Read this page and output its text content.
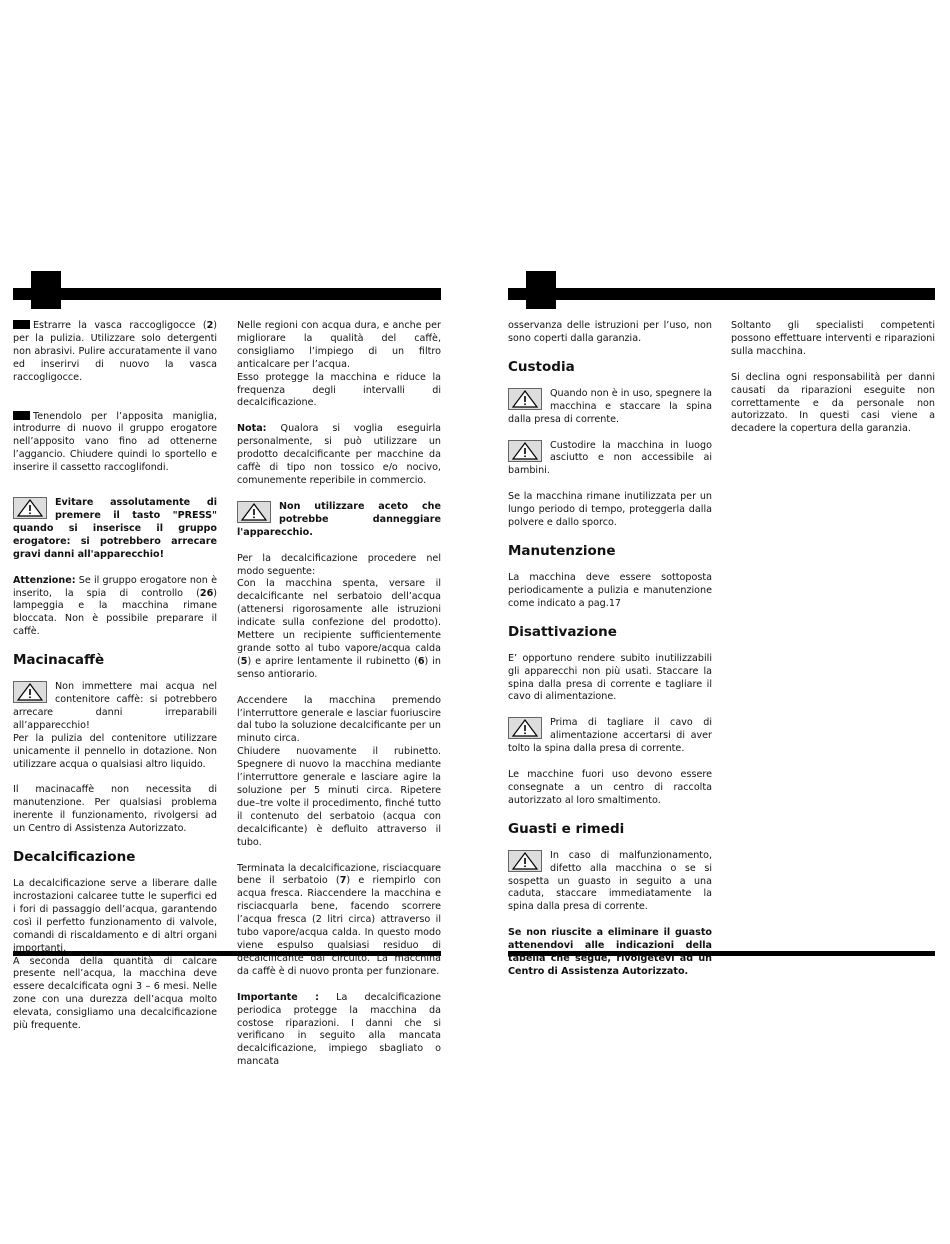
Estrarre la vasca raccogligocce (2) per la pulizia. Utilizzare solo detergenti non abrasivi. Pulire accuratamente il vano ed inserirvi di nuovo la vasca raccogligocce.

Tenendolo per l’apposita maniglia, introdurre di nuovo il gruppo erogatore nell’apposito vano fino ad ottenerne l’aggancio. Chiudere quindi lo sportello e inserire il cassetto raccoglifondi.

Evitare assolutamente di premere il tasto "PRESS" quando si inserisce il gruppo erogatore: si potrebbero arrecare gravi danni all'apparecchio!

Attenzione: Se il gruppo erogatore non è inserito, la spia di controllo (26) lampeggia e la macchina rimane bloccata. Non è possibile preparare il caffè.

Macinacaffè
Non immettere mai acqua nel contenitore caffè: si potrebbero arrecare danni irreparabili all’apparecchio!

Per la pulizia del contenitore utilizzare unicamente il pennello in dotazione. Non utilizzare acqua o qualsiasi altro liquido.

Il macinacaffè non necessita di manutenzione. Per qualsiasi problema inerente il funzionamento, rivolgersi ad un Centro di Assistenza Autorizzato.

Decalcificazione

La decalcificazione serve a liberare dalle incrostazioni calcaree tutte le superfici ed i fori di passaggio dell’acqua, garantendo così il perfetto funzionamento di valvole, comandi di riscaldamento e di altri organi importanti.

A seconda della quantità di calcare presente nell’acqua, la macchina deve essere decalcificata ogni 3 – 6 mesi. Nelle zone con una durezza dell’acqua molto elevata, consigliamo una decalcificazione più frequente.

Nelle regioni con acqua dura, e anche per migliorare la qualità del caffè, consigliamo l’impiego di un filtro anticalcare per l’acqua.

Esso protegge la macchina e riduce la frequenza degli intervalli di decalcificazione.

Nota: Qualora si voglia eseguirla personalmente, si può utilizzare un prodotto decalcificante per macchine da caffè di tipo non tossico e/o nocivo, comunemente reperibile in commercio.

Non utilizzare aceto che potrebbe danneggiare l'apparecchio.

Per la decalcificazione procedere nel modo seguente:

Con la macchina spenta, versare il decalcificante nel serbatoio dell’acqua (attenersi rigorosamente alle istruzioni indicate sulla confezione del prodotto). Mettere un recipiente sufficientemente grande sotto al tubo vapore/acqua calda (5) e aprire lentamente il rubinetto (6) in senso antiorario.

Accendere la macchina premendo l’interruttore generale e lasciar fuoriuscire dal tubo la soluzione decalcificante per un minuto circa.

Chiudere nuovamente il rubinetto. Spegnere di nuovo la macchina mediante l’interruttore generale e lasciare agire la soluzione per 5 minuti circa. Ripetere due–tre volte il procedimento, finché tutto il contenuto del serbatoio (acqua con decalcificante) è defluito attraverso il tubo.

Terminata la decalcificazione, risciacquare bene il serbatoio (7) e riempirlo con acqua fresca. Riaccendere la macchina e risciacquarla bene, facendo scorrere l’acqua fresca (2 litri circa) attraverso il tubo vapore/acqua calda. In questo modo viene espulso qualsiasi residuo di decalcificante dal circuito. La macchina da caffè è di nuovo pronta per funzionare.

Importante : La decalcificazione periodica protegge la macchina da costose riparazioni. I danni che si verificano in seguito alla mancata decalcificazione, impiego sbagliato o mancata

osservanza delle istruzioni per l’uso, non sono coperti dalla garanzia.

Custodia
Quando non è in uso, spegnere la macchina e staccare la spina dalla presa di corrente.
Custodire la macchina in luogo asciutto e non accessibile ai bambini.

Se la macchina rimane inutilizzata per un lungo periodo di tempo, proteggerla dalla polvere e dallo sporco.

Manutenzione

La macchina deve essere sottoposta periodicamente a pulizia e manutenzione come indicato a pag.17

Disattivazione

E’ opportuno rendere subito inutilizzabili gli apparecchi non più usati. Staccare la spina dalla presa di corrente e tagliare il cavo di alimentazione.

Prima di tagliare il cavo di alimentazione accertarsi di aver tolto la spina dalla presa di corrente.

Le macchine fuori uso devono essere consegnate a un centro di raccolta autorizzato al loro smaltimento.

Guasti e rimedi
In caso di malfunzionamento, difetto alla macchina o se si sospetta un guasto in seguito a una caduta, staccare immediatamente la spina dalla presa di corrente.

Se non riuscite a eliminare il guasto attenendovi alle indicazioni della tabella che segue, rivolgetevi ad un Centro di Assistenza Autorizzato.

Soltanto gli specialisti competenti possono effettuare interventi e riparazioni sulla macchina.

Si declina ogni responsabilità per danni causati da riparazioni eseguite non correttamente e da personale non autorizzato. In questi casi viene a decadere la copertura della garanzia.
